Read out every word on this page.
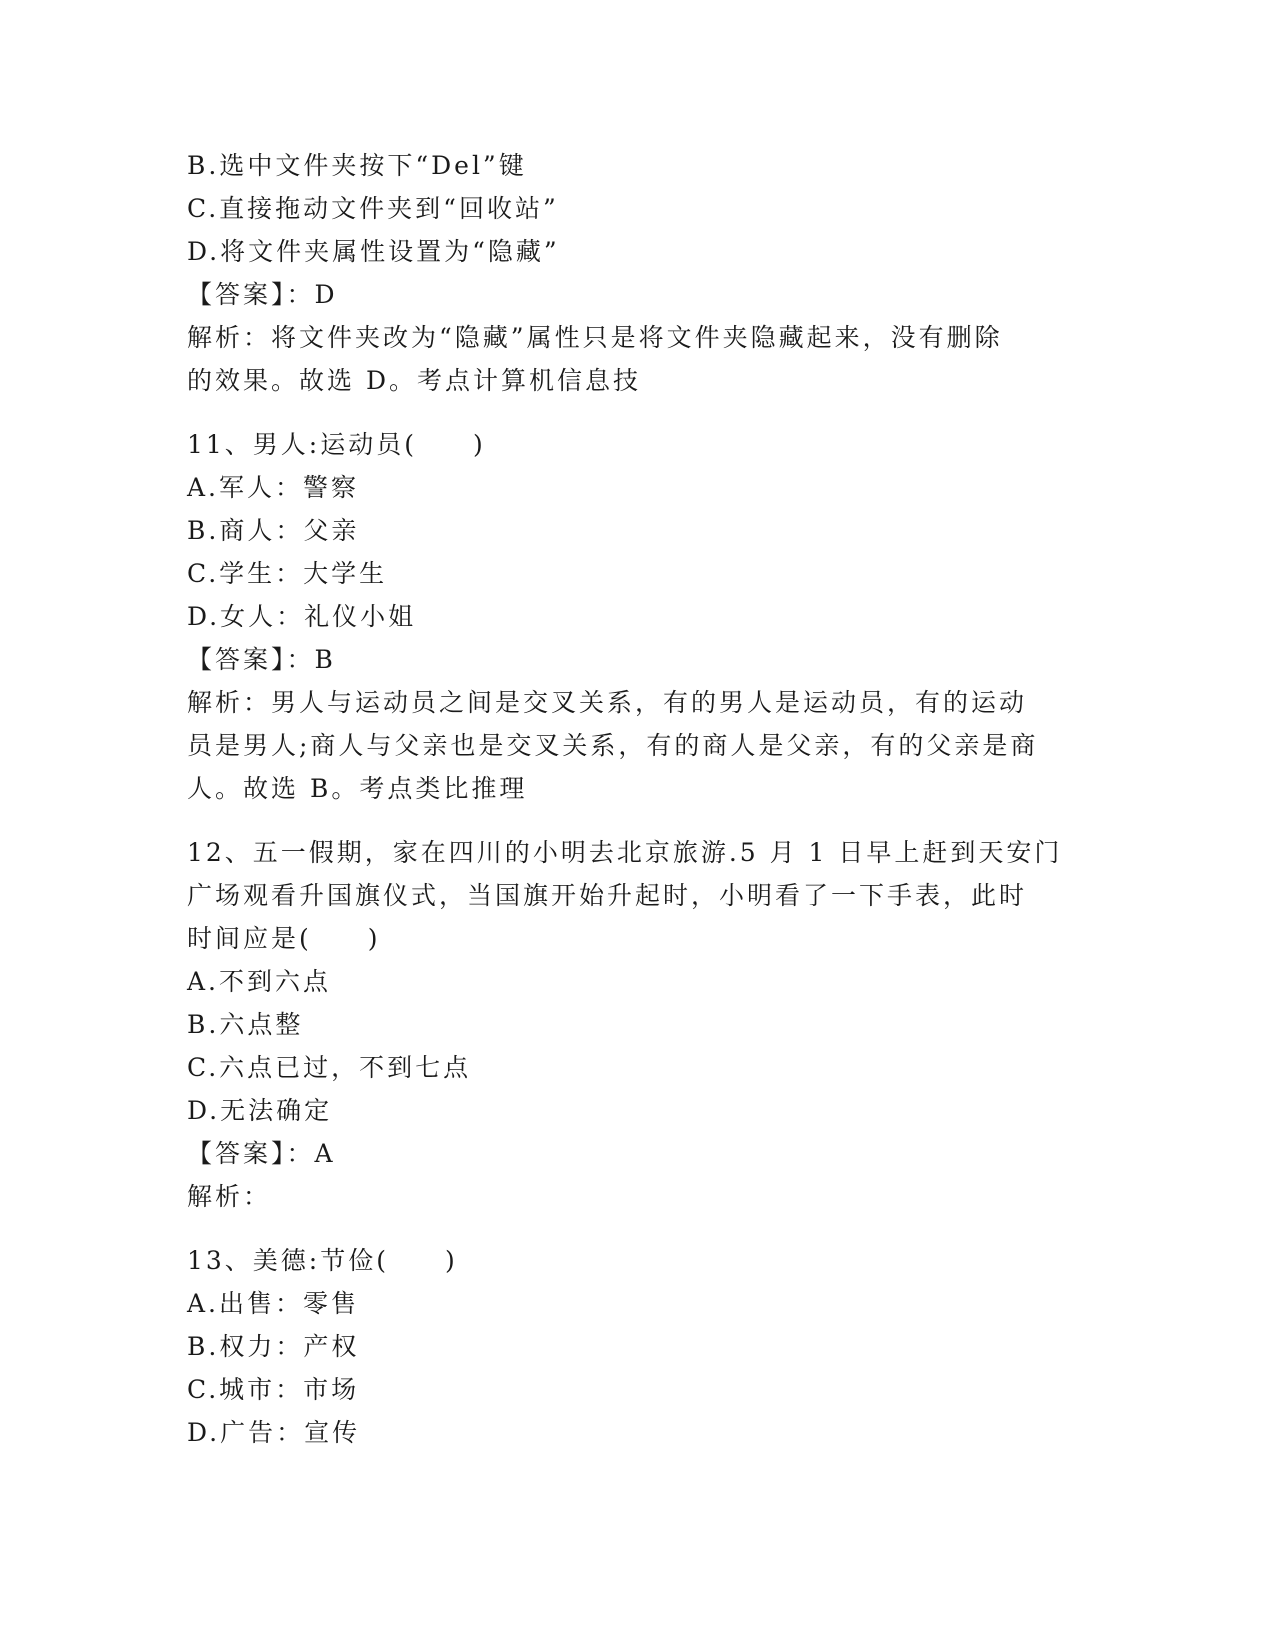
B.选中文件夹按下“Del”键
C.直接拖动文件夹到“回收站”
D.将文件夹属性设置为“隐藏”
【答案】：D
解析：将文件夹改为“隐藏”属性只是将文件夹隐藏起来，没有删除
的效果。故选 D。考点计算机信息技
11、男人:运动员(　　)
A.军人：警察
B.商人：父亲
C.学生：大学生
D.女人：礼仪小姐
【答案】：B
解析：男人与运动员之间是交叉关系，有的男人是运动员，有的运动
员是男人;商人与父亲也是交叉关系，有的商人是父亲，有的父亲是商
人。故选 B。考点类比推理
12、五一假期，家在四川的小明去北京旅游.5 月 1 日早上赶到天安门
广场观看升国旗仪式，当国旗开始升起时，小明看了一下手表，此时
时间应是(　　)
A.不到六点
B.六点整
C.六点已过，不到七点
D.无法确定
【答案】：A
解析：
13、美德:节俭(　　)
A.出售：零售
B.权力：产权
C.城市：市场
D.广告：宣传
